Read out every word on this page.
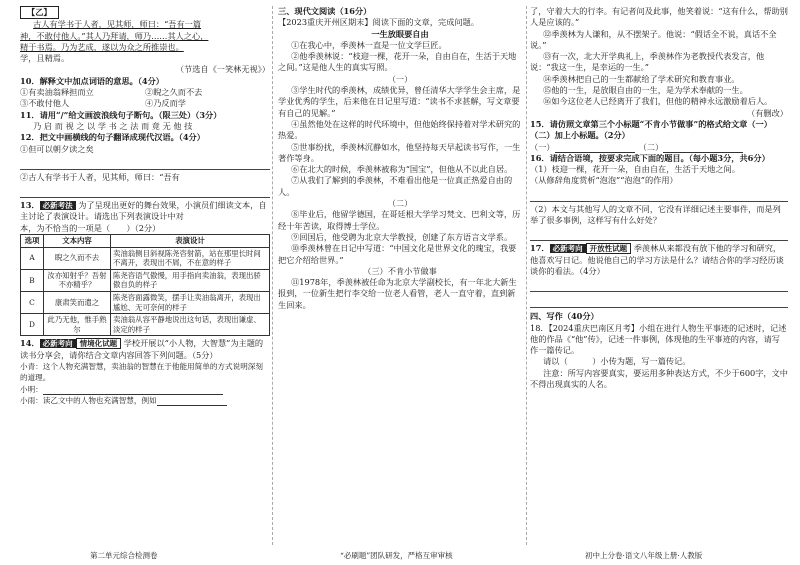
【乙】

古人有学书于人者，见其师，师曰：“吾有一篇

神，不敢付他人。”其人乃拜请，师乃……其人之心，

精于书焉。乃为艺成，遂以为众之所推崇也。

学，且精焉。

（节选自《一笑林无视》）

10．解释文中加点词语的意思。（4分）

①有卖油翁释担而立	②睨之久而不去
③不敢付他人	④乃反而学

11．请用“/”给文画波浪线句子断句。（限三处）（3分）

乃 启 而 视 之 以 学 书 之 法 而 竟 无 他 技

12．把文中画横线的句子翻译成现代汉语。（4分）

①但可以朝夕读之矣

②古人有学书于人者，见其师，师曰：“吾有

13． 必新考法 为了呈现出更好的舞台效果，小演员们细读文本，自主讨论了表演设计。请选出下列表演设计中对

本，为不恰当的一项是（　　）（2分）

选项	文本内容	表演设计
A	睨之久而不去	卖油翁侧目斜视陈尧咨射箭，站在那里长时间不离开，表现出不屑，不在意的样子
B	汝亦知射乎？吾射不亦精乎？	陈尧咨语气傲慢，用手指向卖油翁，表现出骄傲自负的样子
C	康肃笑而遣之	陈尧咨面露微笑，摆手让卖油翁离开，表现出尴尬、无可奈何的样子
D	此乃无他，惟手熟尔	卖油翁从容平静地说出这句话，表现出谦虚、淡定的样子

14． 必新考向 情境化试题 学校开展以“小人物，大智慧”为主题的读书分享会，请你结合文章内容回答下列问题。（5分）

小青：这个人物充满智慧，卖油翁的智慧在于他能用简单的方式说明深刻的道理。

小明：

小雨：读乙文中的人物也充满智慧，例如

第二单元综合检测卷

三、现代文阅读（16分）

【2023重庆开州区期末】阅读下面的文章，完成问题。

一生放眼要自由

①在我心中，季羡林一直是一位文学巨匠。

②他季羡林说：“枝迎一棵，花开一朵，自由自在，生活于天地之间。”这是他人生的真实写照。

（一）

③学生时代的季羡林，成绩优异，曾任清华大学学生会主席，是学业优秀的学生，后来他在日记里写道：“读书不求甚解，写文章要有自己的见解。”

④虽然他处在这样的时代环境中，但他始终保持着对学术研究的热爱。

⑤世事纷扰，季羡林沉静如水，他坚持每天早起读书写作，一生著作等身。

⑥在北大的时候，季羡林被称为“国宝”，但他从不以此自居。

⑦从我们了解到的季羡林，不难看出他是一位真正热爱自由的人。

（二）

⑧毕业后，他留学德国，在哥廷根大学学习梵文、巴利文等，历经十年苦读，取得博士学位。

⑨回国后，他受聘为北京大学教授，创建了东方语言文学系。

⑩季羡林曾在日记中写道：“中国文化是世界文化的瑰宝，我要把它介绍给世界。”

（三）不肯小节做事

⑪1978年，季羡林被任命为北京大学副校长，有一年北大新生报到，一位新生把行李交给一位老人看管，老人一直守着，直到新生回来。

“必刷题”团队研发，严格互审审核

了，守着大大的行李。有记者问及此事，他笑着说：“这有什么，帮助别人是应该的。”

⑫季羡林为人谦和，从不摆架子。他说：“假话全不说，真话不全说。”

⑬有一次，北大开学典礼上，季羡林作为老教授代表发言，他说：“我这一生，是幸运的一生。”

⑭季羡林把自己的一生都献给了学术研究和教育事业。

⑮他的一生，是放眼自由的一生，是为学术奉献的一生。

⑯如今这位老人已经离开了我们，但他的精神永远激励着后人。

（有删改）

15．请仿照文章第三个小标题“不肯小节做事”的格式给文章（一）（二）加上小标题。（2分）

（一）　	（二）

16．请结合语境，按要求完成下面的题目。（每小题3分，共6分）

（1）枝迎一棵，花开一朵，自由自在，生活于天地之间。

（从修辞角度赏析“泡泡”“泡泡”的作用）

（2）本文与其他写人的文章不同，它没有详细记述主要事件，而是列举了很多事例，这样写有什么好处？

17． 必新考向 开放性试题 季羡林从来都没有放下他的学习和研究，他喜欢写日记。他说他自己的学习方法是什么？请结合你的学习经历谈谈你的看法。（4分）

四、写作（40分）

18．【2024重庆巴南区月考】小组在进行人物生平事迹的记述时，记述他的作品《“他”传》，记述一件事例，体现他的生平事迹的内容，请写作一篇传记。

请以（　　　）小传为题，写一篇传记。

注意：所写内容要真实，要运用多种表达方式，不少于600字，文中不得出现真实的人名。

初中上分卷·语文八年级上册·人教版
